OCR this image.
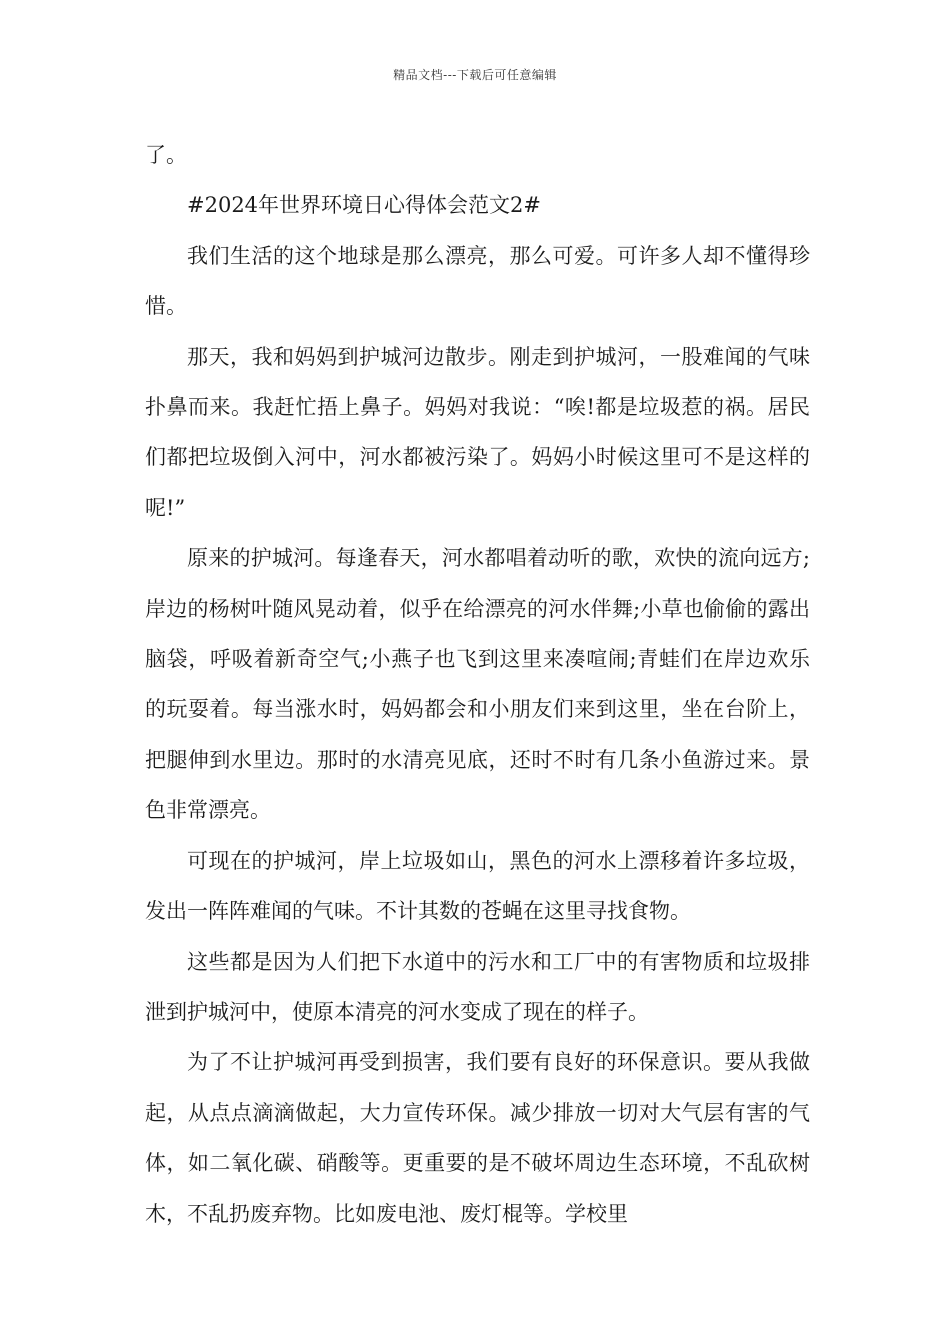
精品文档---下载后可任意编辑

了。

#2024年世界环境日心得体会范文2#

我们生活的这个地球是那么漂亮，那么可爱。可许多人却不懂得珍惜。

那天，我和妈妈到护城河边散步。刚走到护城河，一股难闻的气味扑鼻而来。我赶忙捂上鼻子。妈妈对我说：“唉!都是垃圾惹的祸。居民们都把垃圾倒入河中，河水都被污染了。妈妈小时候这里可不是这样的呢!”

原来的护城河。每逢春天，河水都唱着动听的歌，欢快的流向远方;岸边的杨树叶随风晃动着，似乎在给漂亮的河水伴舞;小草也偷偷的露出脑袋，呼吸着新奇空气;小燕子也飞到这里来凑喧闹;青蛙们在岸边欢乐的玩耍着。每当涨水时，妈妈都会和小朋友们来到这里，坐在台阶上，把腿伸到水里边。那时的水清亮见底，还时不时有几条小鱼游过来。景色非常漂亮。

可现在的护城河，岸上垃圾如山，黑色的河水上漂移着许多垃圾，发出一阵阵难闻的气味。不计其数的苍蝇在这里寻找食物。

这些都是因为人们把下水道中的污水和工厂中的有害物质和垃圾排泄到护城河中，使原本清亮的河水变成了现在的样子。

为了不让护城河再受到损害，我们要有良好的环保意识。要从我做起，从点点滴滴做起，大力宣传环保。减少排放一切对大气层有害的气体，如二氧化碳、硝酸等。更重要的是不破坏周边生态环境，不乱砍树木，不乱扔废弃物。比如废电池、废灯棍等。学校里
